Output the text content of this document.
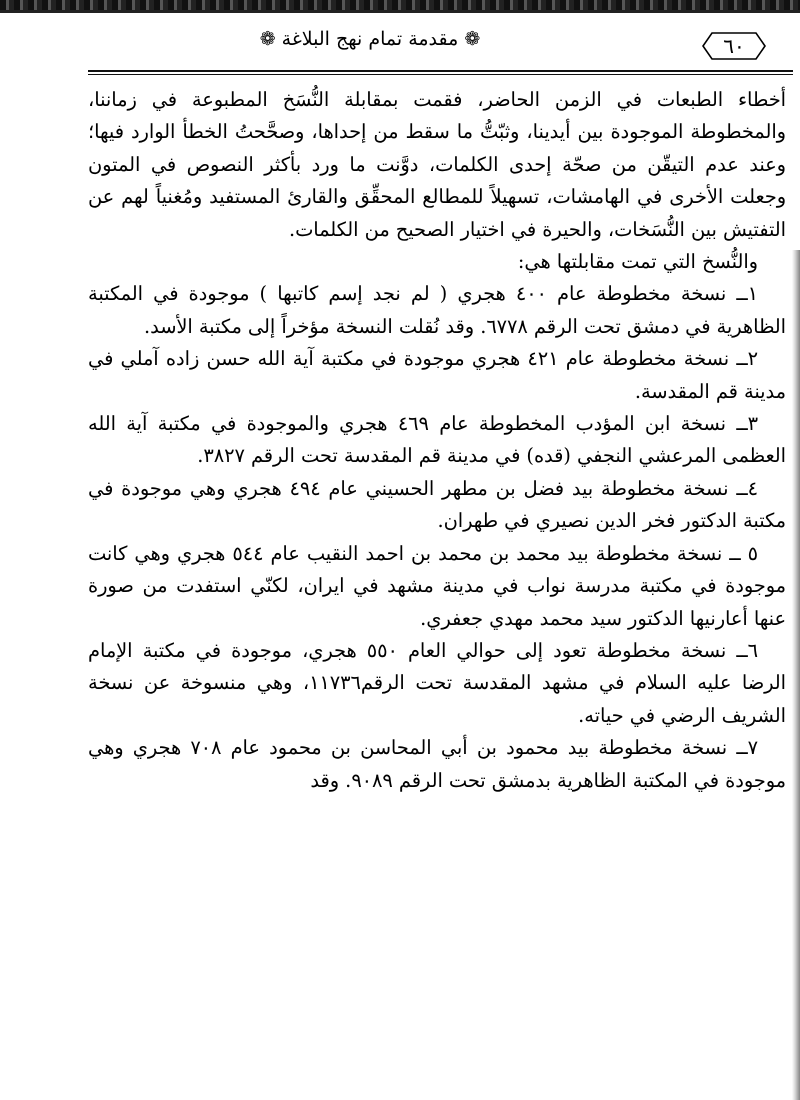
٦٠
❁ مقدمة تمام نهج البلاغة ❁

أخطاء الطبعات في الزمن الحاضر، فقمت بمقابلة النُّسَخ المطبوعة في زماننا، والمخطوطة الموجودة بين أيدينا، وثبّتُّ ما سقط من إحداها، وصحَّحتُ الخطأ الوارد فيها؛ وعند عدم التيقّن من صحّة إحدى الكلمات، دوَّنت ما ورد بأكثر النصوص في المتون وجعلت الأخرى في الهامشات، تسهيلاً للمطالع المحقِّق والقارئ المستفيد ومُغنياً لهم عن التفتيش بين النُّسَخات، والحيرة في اختيار الصحيح من الكلمات.

والنُّسخ التي تمت مقابلتها هي:

١ــ نسخة مخطوطة عام ٤٠٠ هجري ( لم نجد إسم كاتبها ) موجودة في المكتبة الظاهرية في دمشق تحت الرقم ٦٧٧٨. وقد نُقلت النسخة مؤخراً إلى مكتبة الأسد.

٢ــ نسخة مخطوطة عام ٤٢١ هجري موجودة في مكتبة آية الله حسن زاده آملي في مدينة قم المقدسة.

٣ــ نسخة ابن المؤدب المخطوطة عام ٤٦٩ هجري والموجودة في مكتبة آية الله العظمى المرعشي النجفي (قده) في مدينة قم المقدسة تحت الرقم ٣٨٢٧.

٤ــ نسخة مخطوطة بيد فضل بن مطهر الحسيني عام ٤٩٤ هجري وهي موجودة في مكتبة الدكتور فخر الدين نصيري في طهران.

٥ ــ نسخة مخطوطة بيد محمد بن محمد بن احمد النقيب عام ٥٤٤ هجري وهي كانت موجودة في مكتبة مدرسة نواب في مدينة مشهد في ايران، لكنّي استفدت من صورة عنها أعارنيها الدكتور سيد محمد مهدي جعفري.

٦ــ نسخة مخطوطة تعود إلى حوالي العام ٥٥٠ هجري، موجودة في مكتبة الإمام الرضا عليه السلام في مشهد المقدسة تحت الرقم١١٧٣٦، وهي منسوخة عن نسخة الشريف الرضي في حياته.

٧ــ نسخة مخطوطة بيد محمود بن أبي المحاسن بن محمود عام ٧٠٨ هجري وهي موجودة في المكتبة الظاهرية بدمشق تحت الرقم ٩٠٨٩. وقد
